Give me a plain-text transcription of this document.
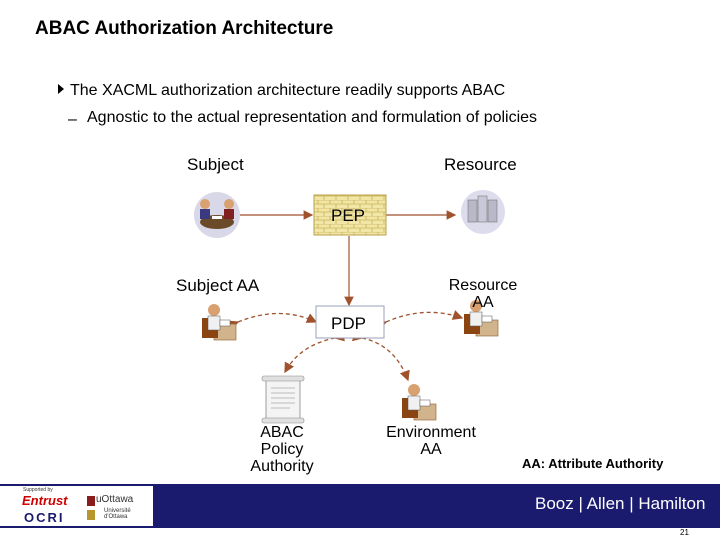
ABAC Authorization Architecture
The XACML authorization architecture readily supports ABAC
– Agnostic to the actual representation and formulation of policies
Subject	Resource
PEP
PDP
Subject AA	Resource AA
ABAC Policy Authority
Environment AA
AA: Attribute Authority
Supported by
Entrust
OCRI
uOttawa
Université d'Ottawa
Booz | Allen | Hamilton
21
